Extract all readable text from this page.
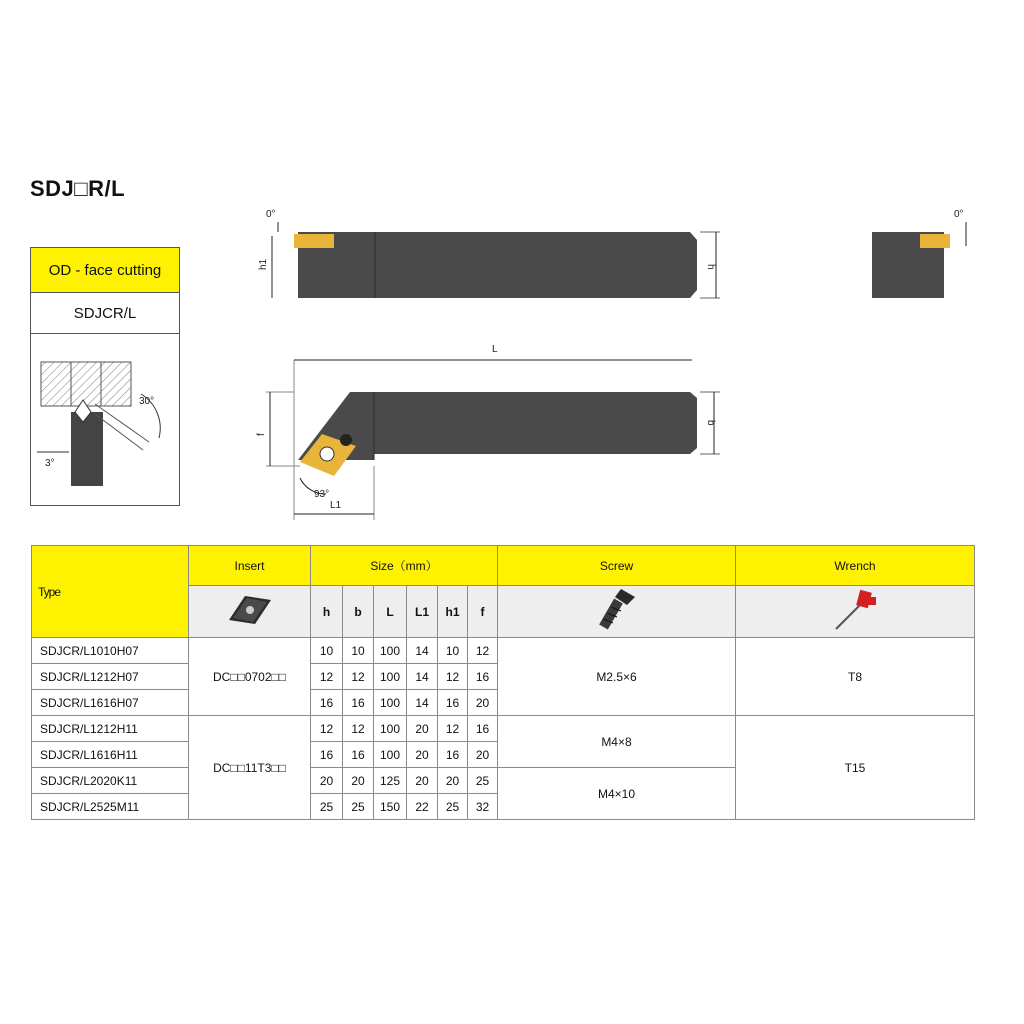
SDJ□R/L
OD - face cutting
SDJCR/L
30°
3°
0°
h1	h
0°
L
b
f
93°
L1
Type	Insert	Size（mm）						Screw	Wrench
	h	b	L	L1	h1	f		
SDJCR/L1010H07	DC□□0702□□	10	10	100	14	10	12	M2.5×6	T8
SDJCR/L1212H07		12	12	100	14	12	16		
SDJCR/L1616H07		16	16	100	14	16	20		
SDJCR/L1212H11	DC□□11T3□□	12	12	100	20	12	16	M4×8	T15
SDJCR/L1616H11		16	16	100	20	16	20		
SDJCR/L2020K11		20	20	125	20	20	25	M4×10	
SDJCR/L2525M11		25	25	150	22	25	32		
